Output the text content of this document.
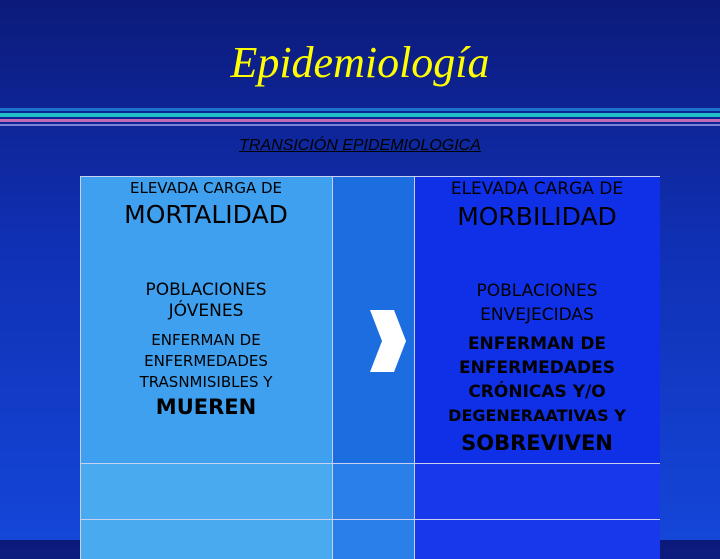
Epidemiología
TRANSICIÓN EPIDEMIOLOGICA
ELEVADA CARGA DE
MORTALIDAD
POBLACIONES
JÓVENES
ENFERMAN DE
ENFERMEDADES
TRASNMISIBLES Y
MUEREN
ELEVADA CARGA DE
MORBILIDAD
POBLACIONES
ENVEJECIDAS
ENFERMAN DE
ENFERMEDADES
CRÓNICAS Y/O
DEGENERAATIVAS Y
SOBREVIVEN
